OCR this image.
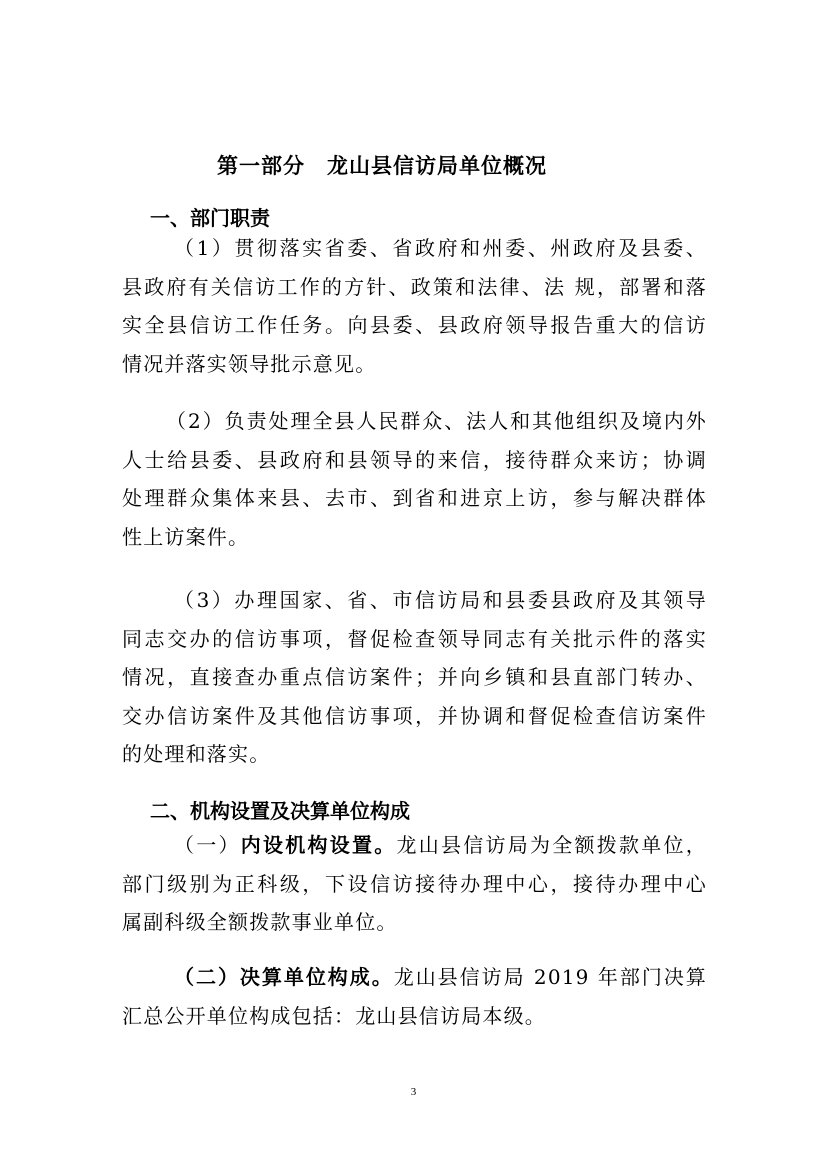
第一部分 龙山县信访局单位概况
一、部门职责
（1）贯彻落实省委、省政府和州委、州政府及县委、
县政府有关信访工作的方针、政策和法律、法 规，部署和落
实全县信访工作任务。向县委、县政府领导报告重大的信访
情况并落实领导批示意见。
（2）负责处理全县人民群众、法人和其他组织及境内外
人士给县委、县政府和县领导的来信，接待群众来访；协调
处理群众集体来县、去市、到省和进京上访，参与解决群体
性上访案件。
（3）办理国家、省、市信访局和县委县政府及其领导
同志交办的信访事项，督促检查领导同志有关批示件的落实
情况，直接查办重点信访案件；并向乡镇和县直部门转办、
交办信访案件及其他信访事项，并协调和督促检查信访案件
的处理和落实。
二、机构设置及决算单位构成
（一）内设机构设置。龙山县信访局为全额拨款单位，
部门级别为正科级，下设信访接待办理中心，接待办理中心
属副科级全额拨款事业单位。
（二）决算单位构成。龙山县信访局 2019 年部门决算
汇总公开单位构成包括：龙山县信访局本级。
3
